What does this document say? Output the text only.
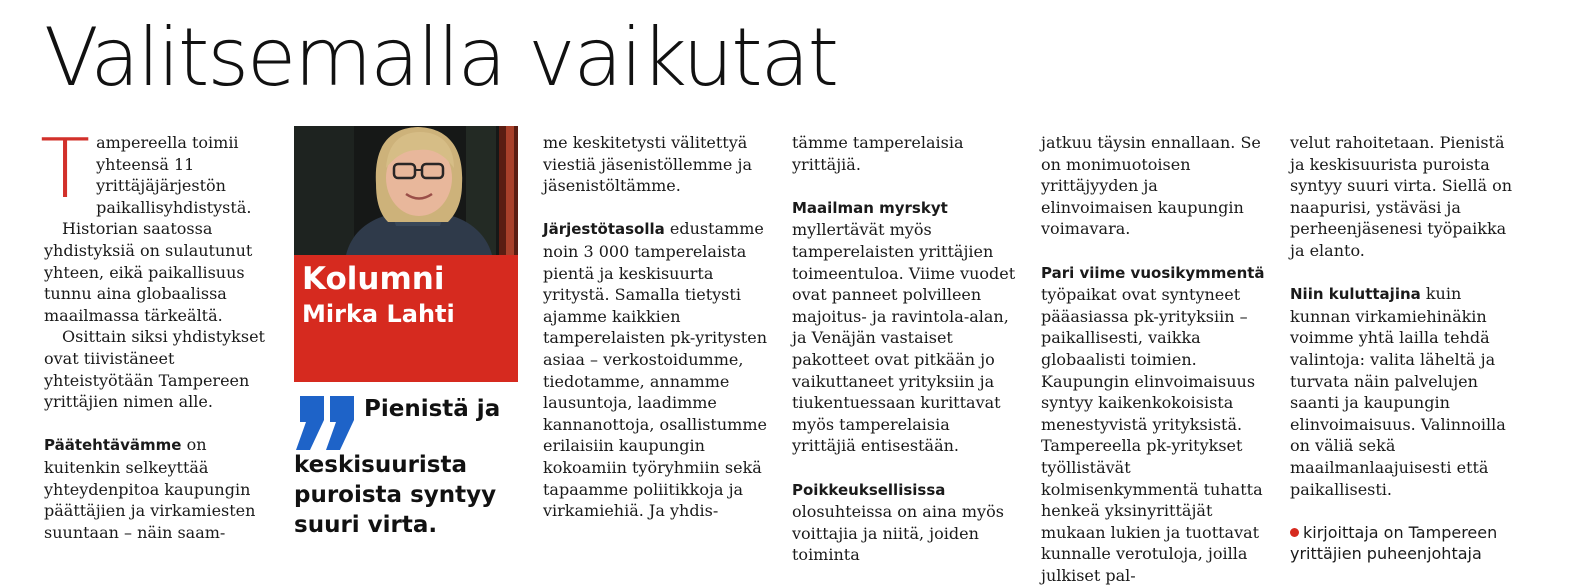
Valitsemalla vaikutat

Tampereella toimii yhteensä 11 yrittäjäjärjestön paikallisyhdistystä.

Historian saatossa yhdistyksiä on sulautunut yhteen, eikä paikallisuus tunnu aina globaalissa maailmassa tärkeältä.

Osittain siksi yhdistykset ovat tiivistäneet yhteistyötään Tampereen yrittäjien nimen alle.

Päätehtävämme on kuitenkin selkeyttää yhteydenpitoa kaupungin päättäjien ja virkamiesten suuntaan – näin saam-

Kolumni
Mirka Lahti
Pienistä ja keskisuurista puroista syntyy suuri virta.

me keskitetysti välitettyä viestiä jäsenistöllemme ja jäsenistöltämme.

Järjestötasolla edustamme noin 3 000 tamperelaista pientä ja keskisuurta yritystä. Samalla tietysti ajamme kaikkien tamperelaisten pk-yritysten asiaa – verkostoidumme, tiedotamme, annamme lausuntoja, laadimme kannanottoja, osallistumme erilaisiin kaupungin kokoamiin työryhmiin sekä tapaamme poliitikkoja ja virkamiehiä. Ja yhdis-

tämme tamperelaisia yrittäjiä.

Maailman myrskyt myllertävät myös tamperelaisten yrittäjien toimeentuloa. Viime vuodet ovat panneet polvilleen majoitus- ja ravintola-alan, ja Venäjän vastaiset pakotteet ovat pitkään jo vaikuttaneet yrityksiin ja tiukentuessaan kurittavat myös tamperelaisia yrittäjiä entisestään.

Poikkeuksellisissa olosuhteissa on aina myös voittajia ja niitä, joiden toiminta

jatkuu täysin ennallaan. Se on monimuotoisen yrittäjyyden ja elinvoimaisen kaupungin voimavara.

Pari viime vuosikymmentä työpaikat ovat syntyneet pääasiassa pk-yrityksiin – paikallisesti, vaikka globaalisti toimien. Kaupungin elinvoimaisuus syntyy kaikenkokoisista menestyvistä yrityksistä. Tampereella pk-yritykset työllistävät kolmisenkymmentä tuhatta henkeä yksinyrittäjät mukaan lukien ja tuottavat kunnalle verotuloja, joilla julkiset pal-

velut rahoitetaan. Pienistä ja keskisuurista puroista syntyy suuri virta. Siellä on naapurisi, ystäväsi ja perheenjäsenesi työpaikka ja elanto.

Niin kuluttajina kuin kunnan virkamiehinäkin voimme yhtä lailla tehdä valintoja: valita läheltä ja turvata näin palvelujen saanti ja kaupungin elinvoimaisuus. Valinnoilla on väliä sekä maailmanlaajuisesti että paikallisesti.

kirjoittaja on Tampereen yrittäjien puheenjohtaja
